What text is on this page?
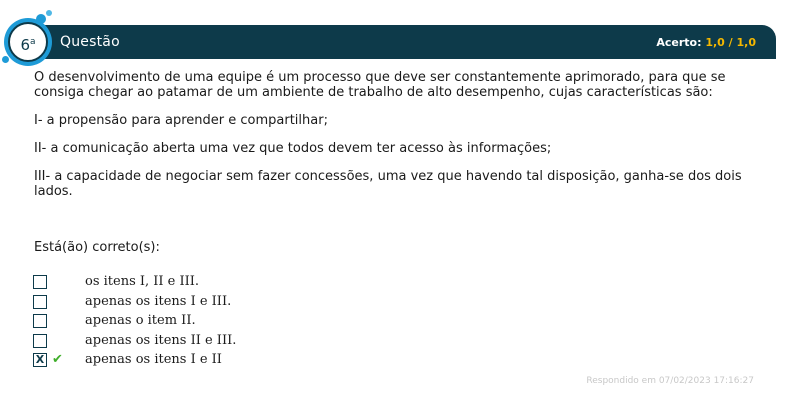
Questão	Acerto: 1,0 / 1,0
6$^a$

O desenvolvimento de uma equipe é um processo que deve ser constantemente aprimorado, para que se consiga chegar ao patamar de um ambiente de trabalho de alto desempenho, cujas características são:

I- a propensão para aprender e compartilhar;

II- a comunicação aberta uma vez que todos devem ter acesso às informações;

III- a capacidade de negociar sem fazer concessões, uma vez que havendo tal disposição, ganha-se dos dois lados.

Está(ão) correto(s):
os itens I, II e III.
apenas os itens I e III.
apenas o item II.
apenas os itens II e III.
X ✔ apenas os itens I e II
Respondido em 07/02/2023 17:16:27
